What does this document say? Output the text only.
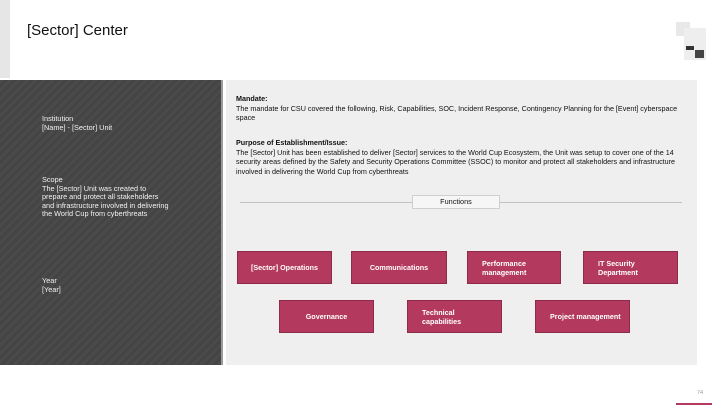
[Sector] Center
Institution
[Name] - [Sector] Unit
Scope
The [Sector] Unit was created to
prepare and protect all stakeholders
and infrastructure involved in delivering
the World Cup from cyberthreats
Year
[Year]
Mandate:
The mandate for CSU covered the following, Risk, Capabilities, SOC, Incident Response, Contingency Planning for the [Event] cyberspace space
Purpose of Establishment/Issue:
The [Sector] Unit has been established to deliver [Sector] services to the World Cup Ecosystem, the Unit was setup to cover one of the 14 security areas defined by the Safety and Security Operations Committee (SSOC) to monitor and protect all stakeholders and infrastructure involved in delivering the World Cup from cyberthreats
Functions
[Sector] Operations	Communications	Performance management
IT Security Department
Governance	Technical capabilities	Project management
74
